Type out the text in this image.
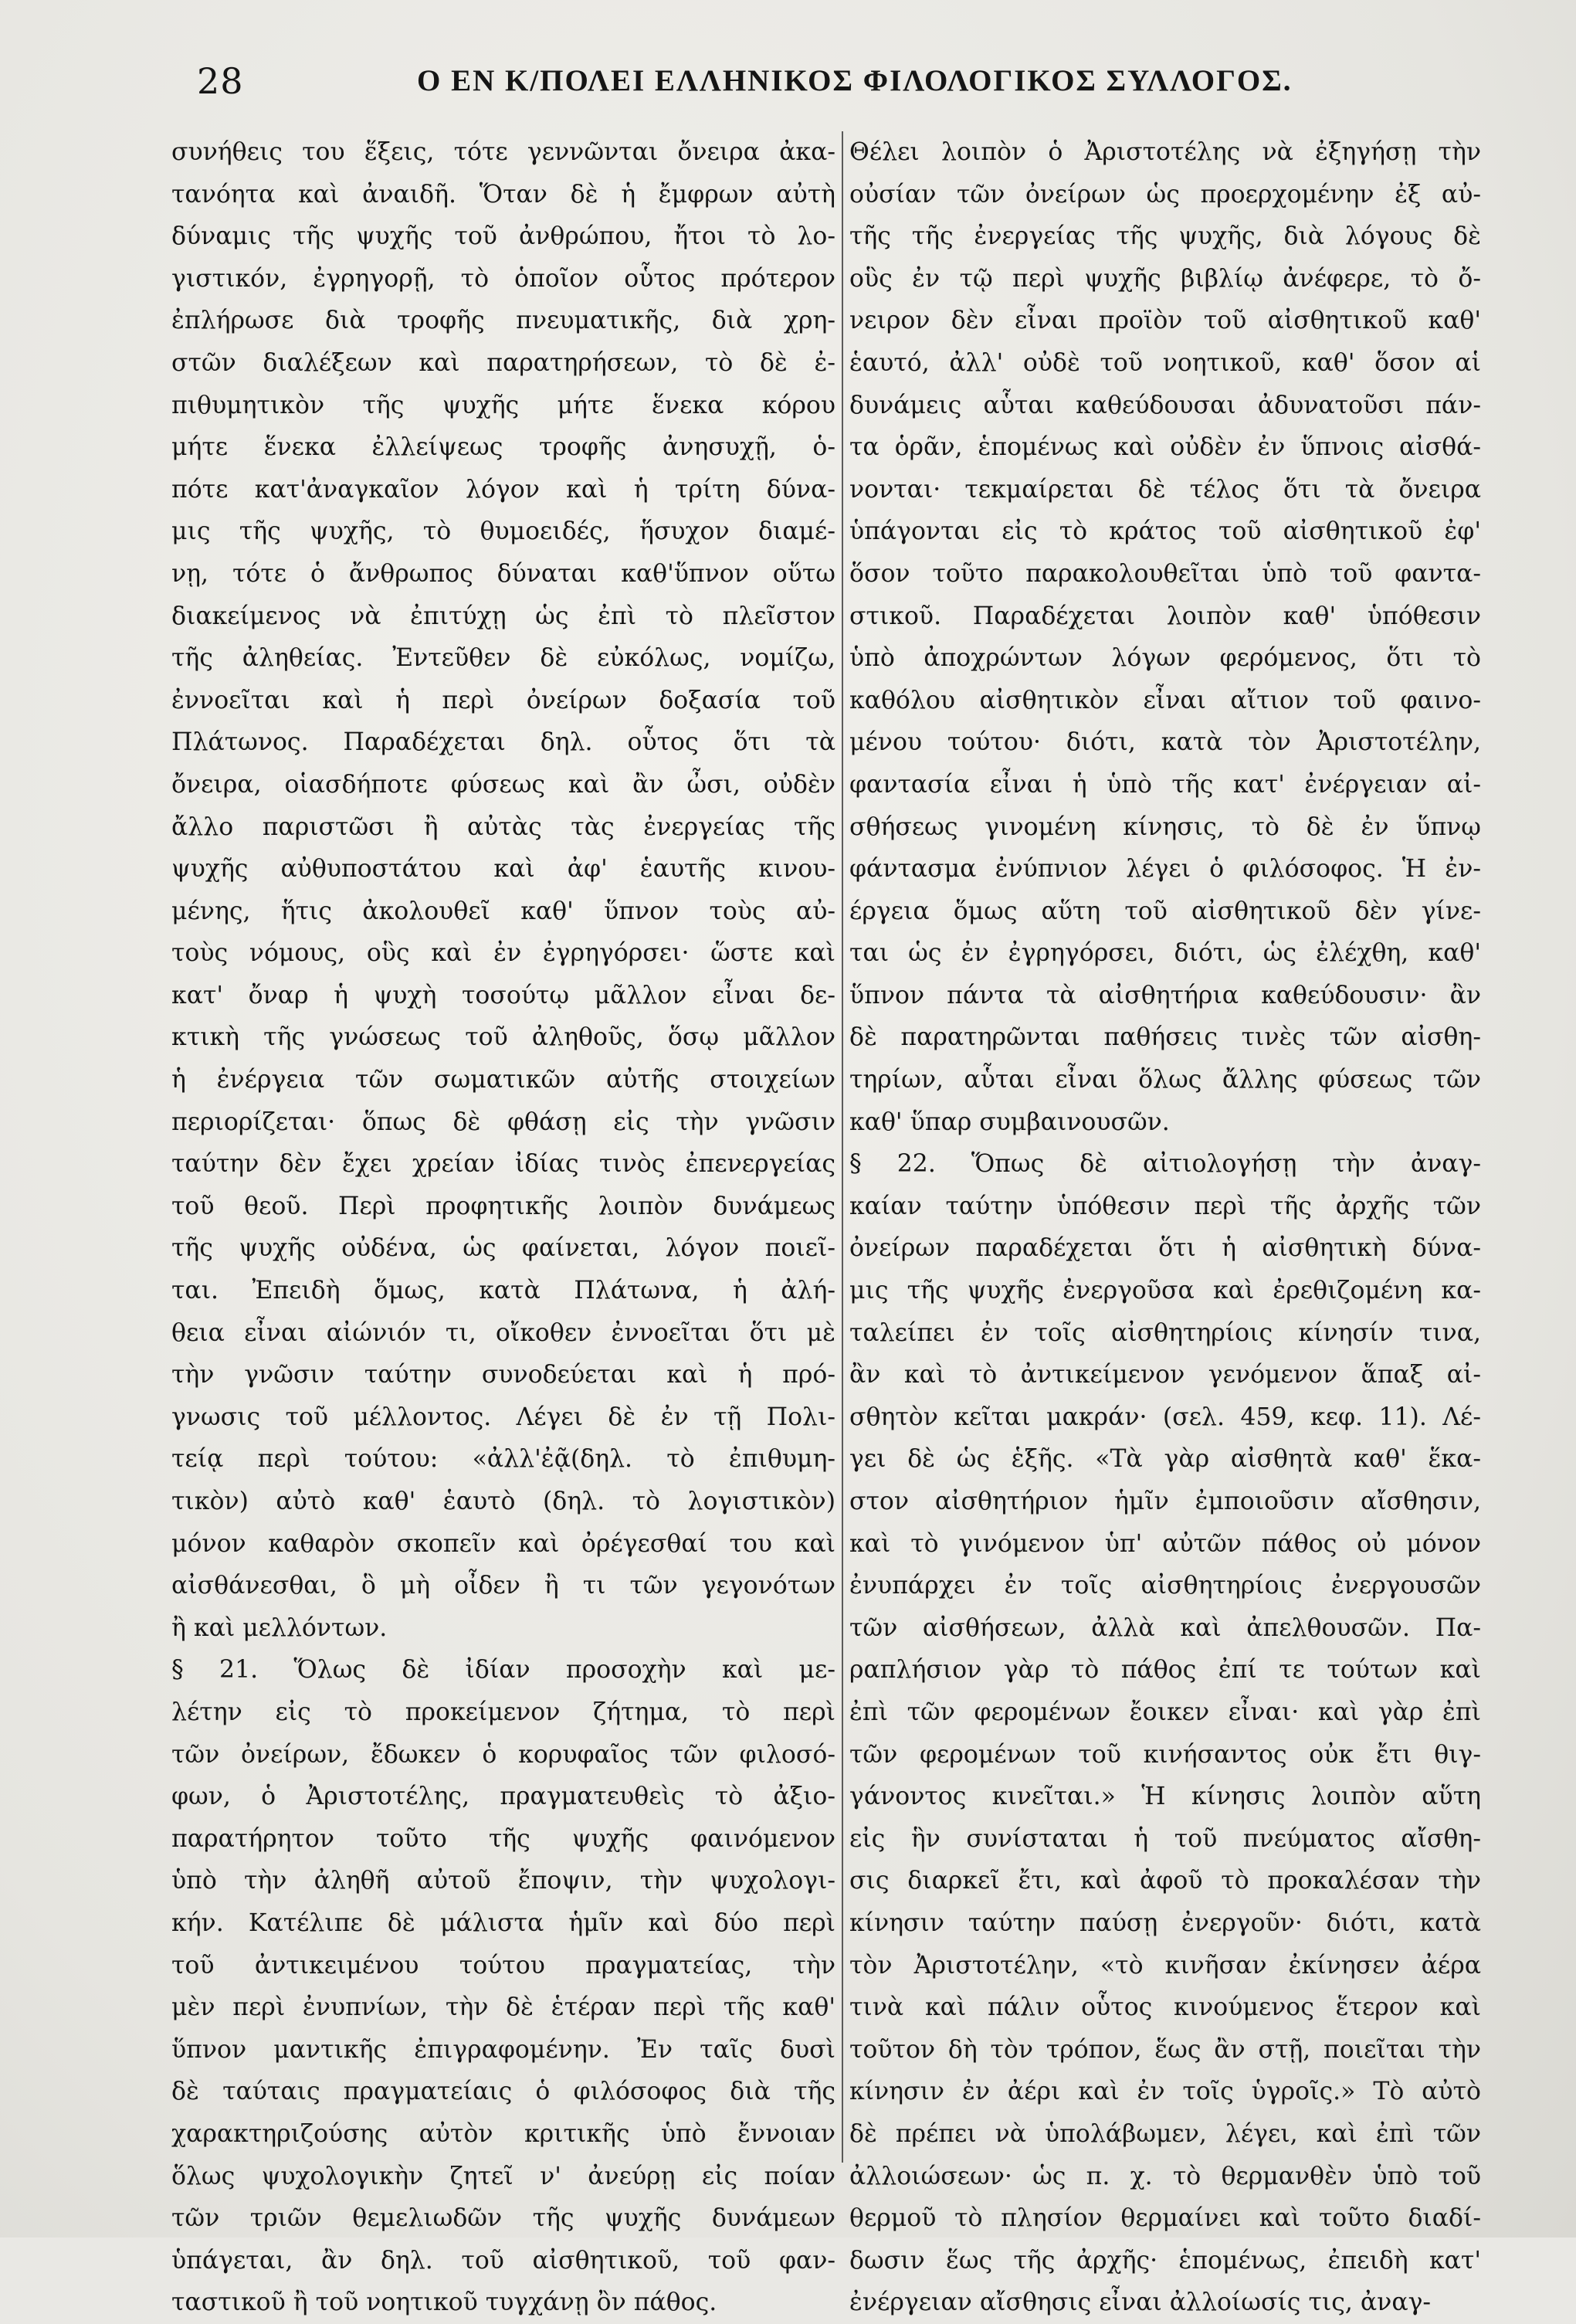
28	Ο ΕΝ Κ/ΠΟΛΕΙ ΕΛΛΗΝΙΚΟΣ ΦΙΛΟΛΟΓΙΚΟΣ ΣΥΛΛΟΓΟΣ.
συνήθεις του ἕξεις, τότε γεννῶνται ὄνειρα ἀκα-
τανόητα καὶ ἀναιδῆ. Ὅταν δὲ ἡ ἔμφρων αὐτὴ
δύναμις τῆς ψυχῆς τοῦ ἀνθρώπου, ἤτοι τὸ λο-
γιστικόν, ἐγρηγορῇ, τὸ ὁποῖον οὗτος πρότερον
ἐπλήρωσε διὰ τροφῆς πνευματικῆς, διὰ χρη-
στῶν διαλέξεων καὶ παρατηρήσεων, τὸ δὲ ἐ-
πιθυμητικὸν τῆς ψυχῆς μήτε ἕνεκα κόρου
μήτε ἕνεκα ἐλλείψεως τροφῆς ἀνησυχῇ, ὁ-
πότε κατ'ἀναγκαῖον λόγον καὶ ἡ τρίτη δύνα-
μις τῆς ψυχῆς, τὸ θυμοειδές, ἥσυχον διαμέ-
νῃ, τότε ὁ ἄνθρωπος δύναται καθ'ὕπνον οὕτω
διακείμενος νὰ ἐπιτύχῃ ὡς ἐπὶ τὸ πλεῖστον
τῆς ἀληθείας. Ἐντεῦθεν δὲ εὐκόλως, νομίζω,
ἐννοεῖται καὶ ἡ περὶ ὀνείρων δοξασία τοῦ
Πλάτωνος. Παραδέχεται δηλ. οὗτος ὅτι τὰ
ὄνειρα, οἱασδήποτε φύσεως καὶ ἂν ὦσι, οὐδὲν
ἄλλο παριστῶσι ἢ αὐτὰς τὰς ἐνεργείας τῆς
ψυχῆς αὐθυποστάτου καὶ ἀφ' ἑαυτῆς κινου-
μένης, ἥτις ἀκολουθεῖ καθ' ὕπνον τοὺς αὐ-
τοὺς νόμους, οὓς καὶ ἐν ἐγρηγόρσει· ὥστε καὶ
κατ' ὄναρ ἡ ψυχὴ τοσούτῳ μᾶλλον εἶναι δε-
κτικὴ τῆς γνώσεως τοῦ ἀληθοῦς, ὅσῳ μᾶλλον
ἡ ἐνέργεια τῶν σωματικῶν αὐτῆς στοιχείων
περιορίζεται· ὅπως δὲ φθάσῃ εἰς τὴν γνῶσιν
ταύτην δὲν ἔχει χρείαν ἰδίας τινὸς ἐπενεργείας
τοῦ θεοῦ. Περὶ προφητικῆς λοιπὸν δυνάμεως
τῆς ψυχῆς οὐδένα, ὡς φαίνεται, λόγον ποιεῖ-
ται. Ἐπειδὴ ὅμως, κατὰ Πλάτωνα, ἡ ἀλή-
θεια εἶναι αἰώνιόν τι, οἴκοθεν ἐννοεῖται ὅτι μὲ
τὴν γνῶσιν ταύτην συνοδεύεται καὶ ἡ πρό-
γνωσις τοῦ μέλλοντος. Λέγει δὲ ἐν τῇ Πολι-
τείᾳ περὶ τούτου: «ἀλλ'ἐᾷ(δηλ. τὸ ἐπιθυμη-
τικὸν) αὐτὸ καθ' ἑαυτὸ (δηλ. τὸ λογιστικὸν)
μόνον καθαρὸν σκοπεῖν καὶ ὀρέγεσθαί του καὶ
αἰσθάνεσθαι, ὃ μὴ οἶδεν ἢ τι τῶν γεγονότων
ἢ καὶ μελλόντων.
§ 21. Ὅλως δὲ ἰδίαν προσοχὴν καὶ με-
λέτην εἰς τὸ προκείμενον ζήτημα, τὸ περὶ
τῶν ὀνείρων, ἔδωκεν ὁ κορυφαῖος τῶν φιλοσό-
φων, ὁ Ἀριστοτέλης, πραγματευθεὶς τὸ ἀξιο-
παρατήρητον τοῦτο τῆς ψυχῆς φαινόμενον
ὑπὸ τὴν ἀληθῆ αὐτοῦ ἔποψιν, τὴν ψυχολογι-
κήν. Κατέλιπε δὲ μάλιστα ἡμῖν καὶ δύο περὶ
τοῦ ἀντικειμένου τούτου πραγματείας, τὴν
μὲν περὶ ἐνυπνίων, τὴν δὲ ἑτέραν περὶ τῆς καθ'
ὕπνον μαντικῆς ἐπιγραφομένην. Ἐν ταῖς δυσὶ
δὲ ταύταις πραγματείαις ὁ φιλόσοφος διὰ τῆς
χαρακτηριζούσης αὐτὸν κριτικῆς ὑπὸ ἔννοιαν
ὅλως ψυχολογικὴν ζητεῖ ν' ἀνεύρῃ εἰς ποίαν
τῶν τριῶν θεμελιωδῶν τῆς ψυχῆς δυνάμεων
ὑπάγεται, ἂν δηλ. τοῦ αἰσθητικοῦ, τοῦ φαν-
ταστικοῦ ἢ τοῦ νοητικοῦ τυγχάνῃ ὂν πάθος.
Θέλει λοιπὸν ὁ Ἀριστοτέλης νὰ ἐξηγήσῃ τὴν
οὐσίαν τῶν ὀνείρων ὡς προερχομένην ἐξ αὐ-
τῆς τῆς ἐνεργείας τῆς ψυχῆς, διὰ λόγους δὲ
οὓς ἐν τῷ περὶ ψυχῆς βιβλίῳ ἀνέφερε, τὸ ὄ-
νειρον δὲν εἶναι προϊὸν τοῦ αἰσθητικοῦ καθ'
ἑαυτό, ἀλλ' οὐδὲ τοῦ νοητικοῦ, καθ' ὅσον αἱ
δυνάμεις αὗται καθεύδουσαι ἀδυνατοῦσι πάν-
τα ὁρᾶν, ἑπομένως καὶ οὐδὲν ἐν ὕπνοις αἰσθά-
νονται· τεκμαίρεται δὲ τέλος ὅτι τὰ ὄνειρα
ὑπάγονται εἰς τὸ κράτος τοῦ αἰσθητικοῦ ἐφ'
ὅσον τοῦτο παρακολουθεῖται ὑπὸ τοῦ φαντα-
στικοῦ. Παραδέχεται λοιπὸν καθ' ὑπόθεσιν
ὑπὸ ἀποχρώντων λόγων φερόμενος, ὅτι τὸ
καθόλου αἰσθητικὸν εἶναι αἴτιον τοῦ φαινο-
μένου τούτου· διότι, κατὰ τὸν Ἀριστοτέλην,
φαντασία εἶναι ἡ ὑπὸ τῆς κατ' ἐνέργειαν αἰ-
σθήσεως γινομένη κίνησις, τὸ δὲ ἐν ὕπνῳ
φάντασμα ἐνύπνιον λέγει ὁ φιλόσοφος. Ἡ ἐν-
έργεια ὅμως αὕτη τοῦ αἰσθητικοῦ δὲν γίνε-
ται ὡς ἐν ἐγρηγόρσει, διότι, ὡς ἐλέχθη, καθ'
ὕπνον πάντα τὰ αἰσθητήρια καθεύδουσιν· ἂν
δὲ παρατηρῶνται παθήσεις τινὲς τῶν αἰσθη-
τηρίων, αὗται εἶναι ὅλως ἄλλης φύσεως τῶν
καθ' ὕπαρ συμβαινουσῶν.
§ 22. Ὅπως δὲ αἰτιολογήσῃ τὴν ἀναγ-
καίαν ταύτην ὑπόθεσιν περὶ τῆς ἀρχῆς τῶν
ὀνείρων παραδέχεται ὅτι ἡ αἰσθητικὴ δύνα-
μις τῆς ψυχῆς ἐνεργοῦσα καὶ ἐρεθιζομένη κα-
ταλείπει ἐν τοῖς αἰσθητηρίοις κίνησίν τινα,
ἂν καὶ τὸ ἀντικείμενον γενόμενον ἅπαξ αἰ-
σθητὸν κεῖται μακράν· (σελ. 459, κεφ. 11). Λέ-
γει δὲ ὡς ἑξῆς. «Τὰ γὰρ αἰσθητὰ καθ' ἕκα-
στον αἰσθητήριον ἡμῖν ἐμποιοῦσιν αἴσθησιν,
καὶ τὸ γινόμενον ὑπ' αὐτῶν πάθος οὐ μόνον
ἐνυπάρχει ἐν τοῖς αἰσθητηρίοις ἐνεργουσῶν
τῶν αἰσθήσεων, ἀλλὰ καὶ ἀπελθουσῶν. Πα-
ραπλήσιον γὰρ τὸ πάθος ἐπί τε τούτων καὶ
ἐπὶ τῶν φερομένων ἔοικεν εἶναι· καὶ γὰρ ἐπὶ
τῶν φερομένων τοῦ κινήσαντος οὐκ ἔτι θιγ-
γάνοντος κινεῖται.» Ἡ κίνησις λοιπὸν αὕτη
εἰς ἣν συνίσταται ἡ τοῦ πνεύματος αἴσθη-
σις διαρκεῖ ἔτι, καὶ ἀφοῦ τὸ προκαλέσαν τὴν
κίνησιν ταύτην παύσῃ ἐνεργοῦν· διότι, κατὰ
τὸν Ἀριστοτέλην, «τὸ κινῆσαν ἐκίνησεν ἀέρα
τινὰ καὶ πάλιν οὗτος κινούμενος ἕτερον καὶ
τοῦτον δὴ τὸν τρόπον, ἕως ἂν στῇ, ποιεῖται τὴν
κίνησιν ἐν ἀέρι καὶ ἐν τοῖς ὑγροῖς.» Τὸ αὐτὸ
δὲ πρέπει νὰ ὑπολάβωμεν, λέγει, καὶ ἐπὶ τῶν
ἀλλοιώσεων· ὡς π. χ. τὸ θερμανθὲν ὑπὸ τοῦ
θερμοῦ τὸ πλησίον θερμαίνει καὶ τοῦτο διαδί-
δωσιν ἕως τῆς ἀρχῆς· ἑπομένως, ἐπειδὴ κατ'
ἐνέργειαν αἴσθησις εἶναι ἀλλοίωσίς τις, ἀναγ-
